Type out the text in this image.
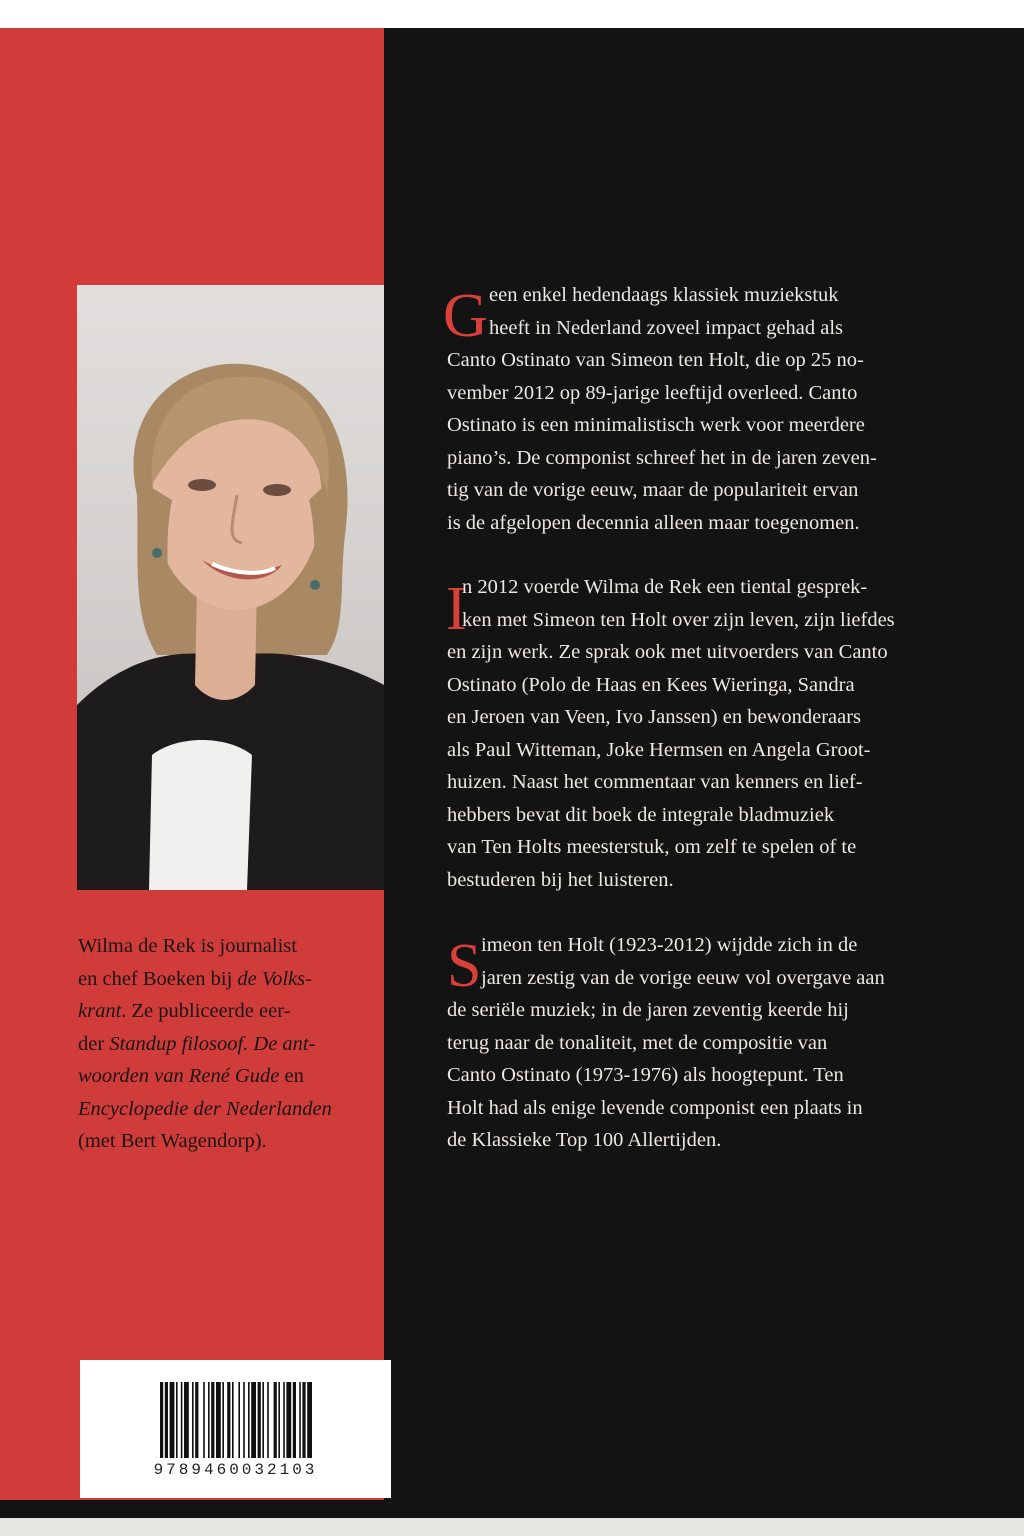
Wilma de Rek is journalist
en chef Boeken bij de Volks-
krant. Ze publiceerde eer-
der Standup filosoof. De ant-
woorden van René Gude en
Encyclopedie der Nederlanden
(met Bert Wagendorp).
9789460032103
G een enkel hedendaags klassiek muziekstuk
heeft in Nederland zoveel impact gehad als
Canto Ostinato van Simeon ten Holt, die op 25 no-
vember 2012 op 89-jarige leeftijd overleed. Canto
Ostinato is een minimalistisch werk voor meerdere
piano’s. De componist schreef het in de jaren zeven-
tig van de vorige eeuw, maar de populariteit ervan
is de afgelopen decennia alleen maar toegenomen.
I
n 2012 voerde Wilma de Rek een tiental gesprek-
ken met Simeon ten Holt over zijn leven, zijn liefdes
en zijn werk. Ze sprak ook met uitvoerders van Canto
Ostinato (Polo de Haas en Kees Wieringa, Sandra
en Jeroen van Veen, Ivo Janssen) en bewonderaars
als Paul Witteman, Joke Hermsen en Angela Groot-
huizen. Naast het commentaar van kenners en lief-
hebbers bevat dit boek de integrale bladmuziek
van Ten Holts meesterstuk, om zelf te spelen of te
bestuderen bij het luisteren.
S imeon ten Holt (1923-2012) wijdde zich in de
jaren zestig van de vorige eeuw vol overgave aan
de seriële muziek; in de jaren zeventig keerde hij
terug naar de tonaliteit, met de compositie van
Canto Ostinato (1973-1976) als hoogtepunt. Ten
Holt had als enige levende componist een plaats in
de Klassieke Top 100 Allertijden.
